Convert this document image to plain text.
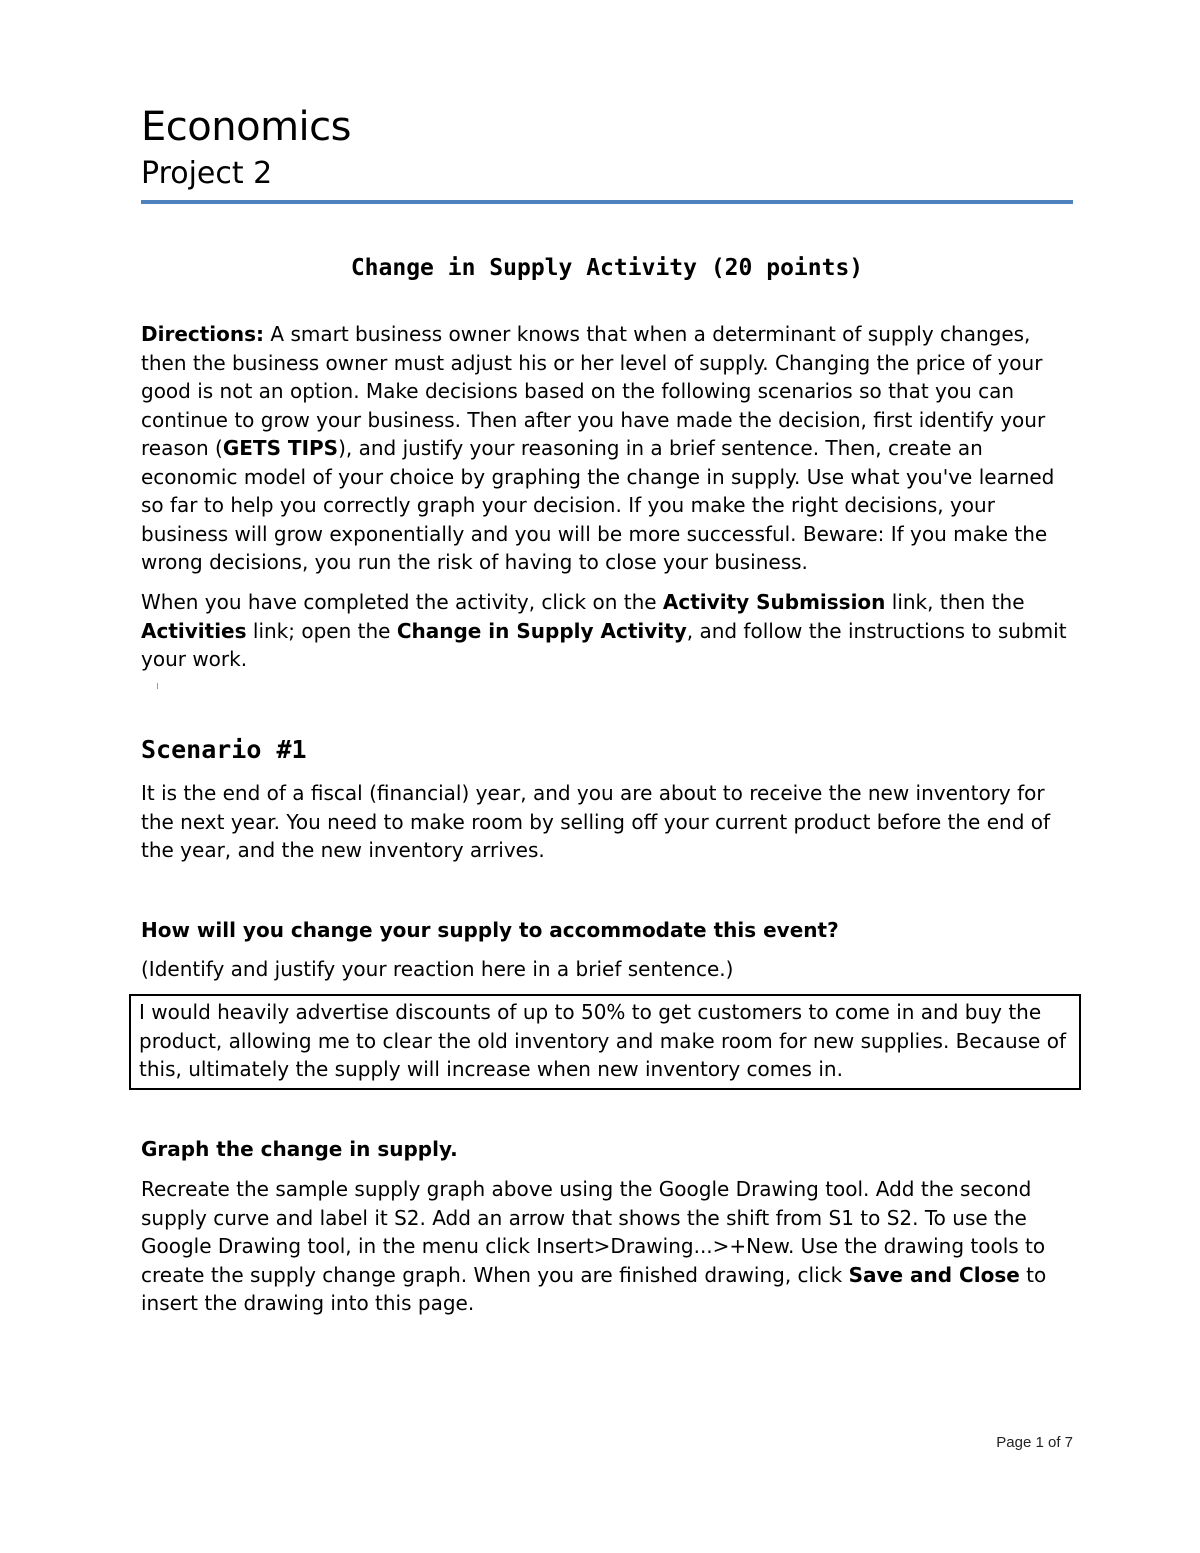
Economics
Project 2
Change in Supply Activity (20 points)
Directions: A smart business owner knows that when a determinant of supply changes, then the business owner must adjust his or her level of supply. Changing the price of your good is not an option. Make decisions based on the following scenarios so that you can continue to grow your business. Then after you have made the decision, first identify your reason (GETS TIPS), and justify your reasoning in a brief sentence. Then, create an economic model of your choice by graphing the change in supply. Use what you've learned so far to help you correctly graph your decision. If you make the right decisions, your business will grow exponentially and you will be more successful. Beware: If you make the wrong decisions, you run the risk of having to close your business.
When you have completed the activity, click on the Activity Submission link, then the Activities link; open the Change in Supply Activity, and follow the instructions to submit your work.
Scenario #1
It is the end of a fiscal (financial) year, and you are about to receive the new inventory for the next year. You need to make room by selling off your current product before the end of the year, and the new inventory arrives.
How will you change your supply to accommodate this event?
(Identify and justify your reaction here in a brief sentence.)
I would heavily advertise discounts of up to 50% to get customers to come in and buy the product, allowing me to clear the old inventory and make room for new supplies. Because of this, ultimately the supply will increase when new inventory comes in.
Graph the change in supply.
Recreate the sample supply graph above using the Google Drawing tool. Add the second supply curve and label it S2. Add an arrow that shows the shift from S1 to S2. To use the Google Drawing tool, in the menu click Insert>Drawing...>+New. Use the drawing tools to create the supply change graph. When you are finished drawing, click Save and Close to insert the drawing into this page.
Page 1 of 7
